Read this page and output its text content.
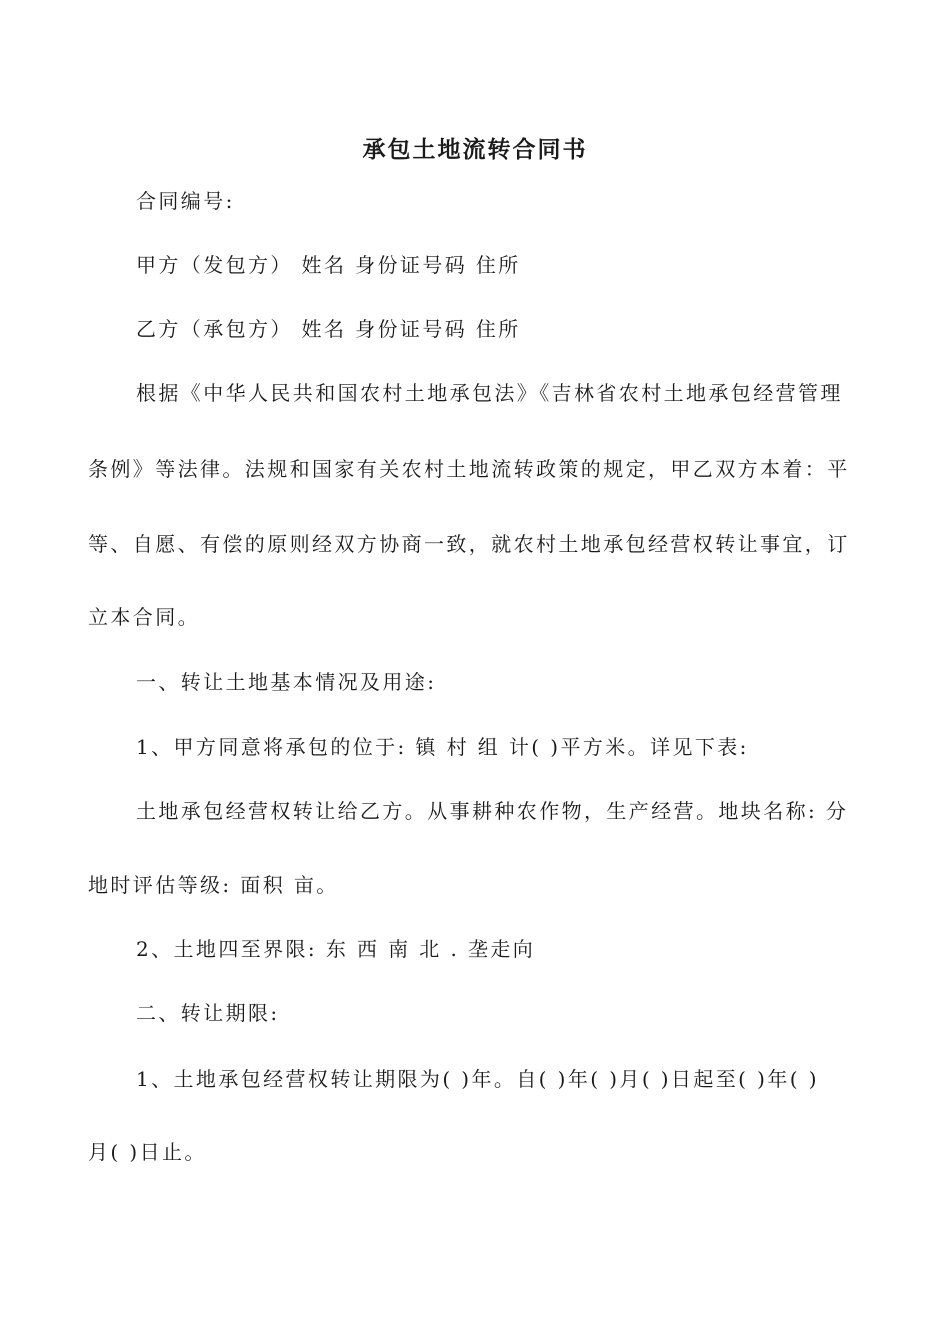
承包土地流转合同书
合同编号:
甲方（发包方） 姓名 身份证号码 住所
乙方（承包方） 姓名 身份证号码 住所
根据《中华人民共和国农村土地承包法》《吉林省农村土地承包经营管理
条例》等法律。法规和国家有关农村土地流转政策的规定，甲乙双方本着：平
等、自愿、有偿的原则经双方协商一致，就农村土地承包经营权转让事宜，订
立本合同。
一、转让土地基本情况及用途:
1、甲方同意将承包的位于: 镇 村 组 计( )平方米。详见下表:
土地承包经营权转让给乙方。从事耕种农作物，生产经营。地块名称: 分
地时评估等级: 面积 亩。
2、土地四至界限: 东 西 南 北 . 垄走向
二、转让期限:
1、土地承包经营权转让期限为( )年。自( )年( )月( )日起至( )年( )
月( )日止。
